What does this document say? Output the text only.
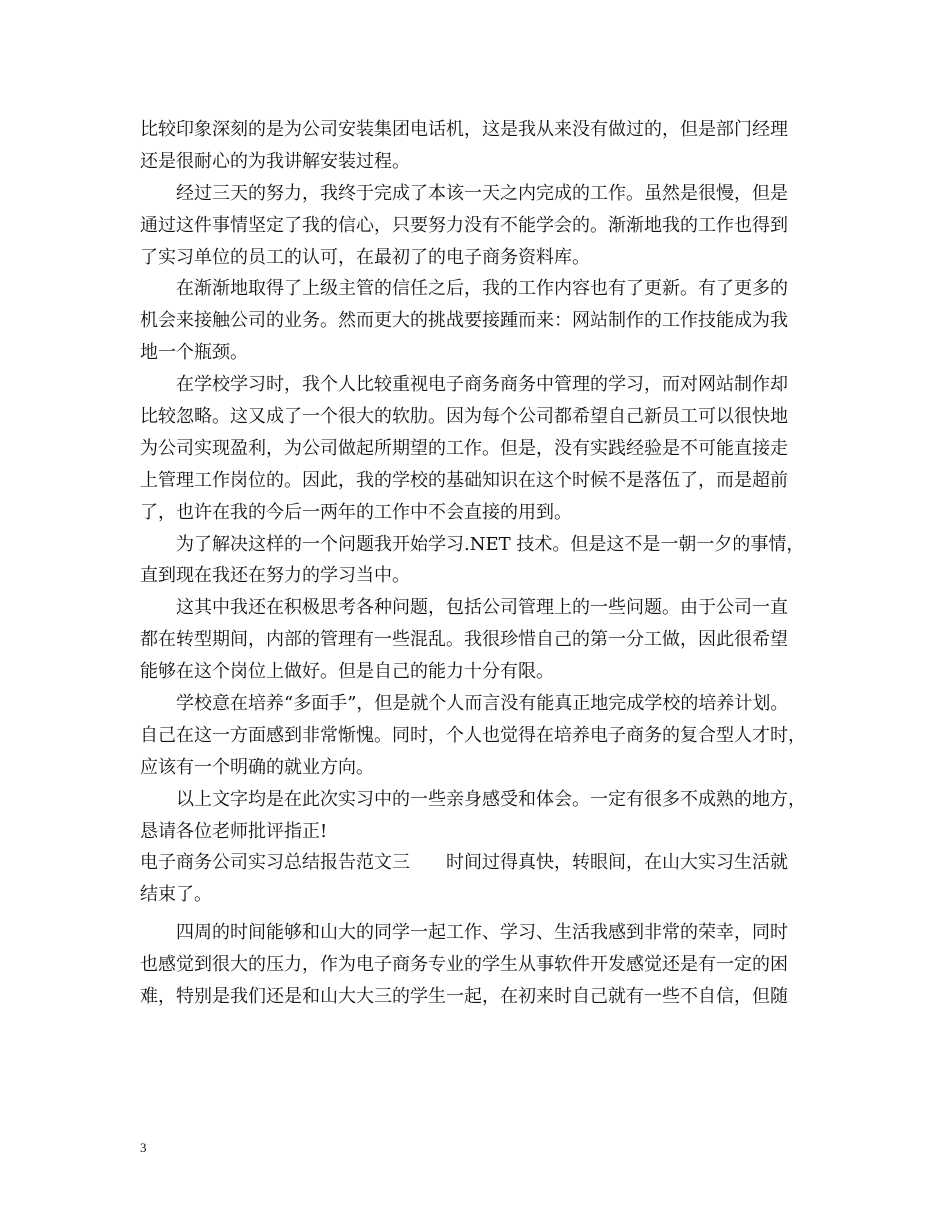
比较印象深刻的是为公司安装集团电话机，这是我从来没有做过的，但是部门经理
还是很耐心的为我讲解安装过程。
经过三天的努力，我终于完成了本该一天之内完成的工作。虽然是很慢，但是
通过这件事情坚定了我的信心，只要努力没有不能学会的。渐渐地我的工作也得到
了实习单位的员工的认可，在最初了的电子商务资料库。
在渐渐地取得了上级主管的信任之后，我的工作内容也有了更新。有了更多的
机会来接触公司的业务。然而更大的挑战要接踵而来：网站制作的工作技能成为我
地一个瓶颈。
在学校学习时，我个人比较重视电子商务商务中管理的学习，而对网站制作却
比较忽略。这又成了一个很大的软肋。因为每个公司都希望自己新员工可以很快地
为公司实现盈利，为公司做起所期望的工作。但是，没有实践经验是不可能直接走
上管理工作岗位的。因此，我的学校的基础知识在这个时候不是落伍了，而是超前
了，也许在我的今后一两年的工作中不会直接的用到。
为了解决这样的一个问题我开始学习.NET 技术。但是这不是一朝一夕的事情，
直到现在我还在努力的学习当中。
这其中我还在积极思考各种问题，包括公司管理上的一些问题。由于公司一直
都在转型期间，内部的管理有一些混乱。我很珍惜自己的第一分工做，因此很希望
能够在这个岗位上做好。但是自己的能力十分有限。
学校意在培养“多面手”，但是就个人而言没有能真正地完成学校的培养计划。
自己在这一方面感到非常惭愧。同时，个人也觉得在培养电子商务的复合型人才时，
应该有一个明确的就业方向。
以上文字均是在此次实习中的一些亲身感受和体会。一定有很多不成熟的地方，
恳请各位老师批评指正!
电子商务公司实习总结报告范文三 时间过得真快，转眼间，在山大实习生活就
结束了。
四周的时间能够和山大的同学一起工作、学习、生活我感到非常的荣幸，同时
也感觉到很大的压力，作为电子商务专业的学生从事软件开发感觉还是有一定的困
难，特别是我们还是和山大大三的学生一起，在初来时自己就有一些不自信，但随
3
